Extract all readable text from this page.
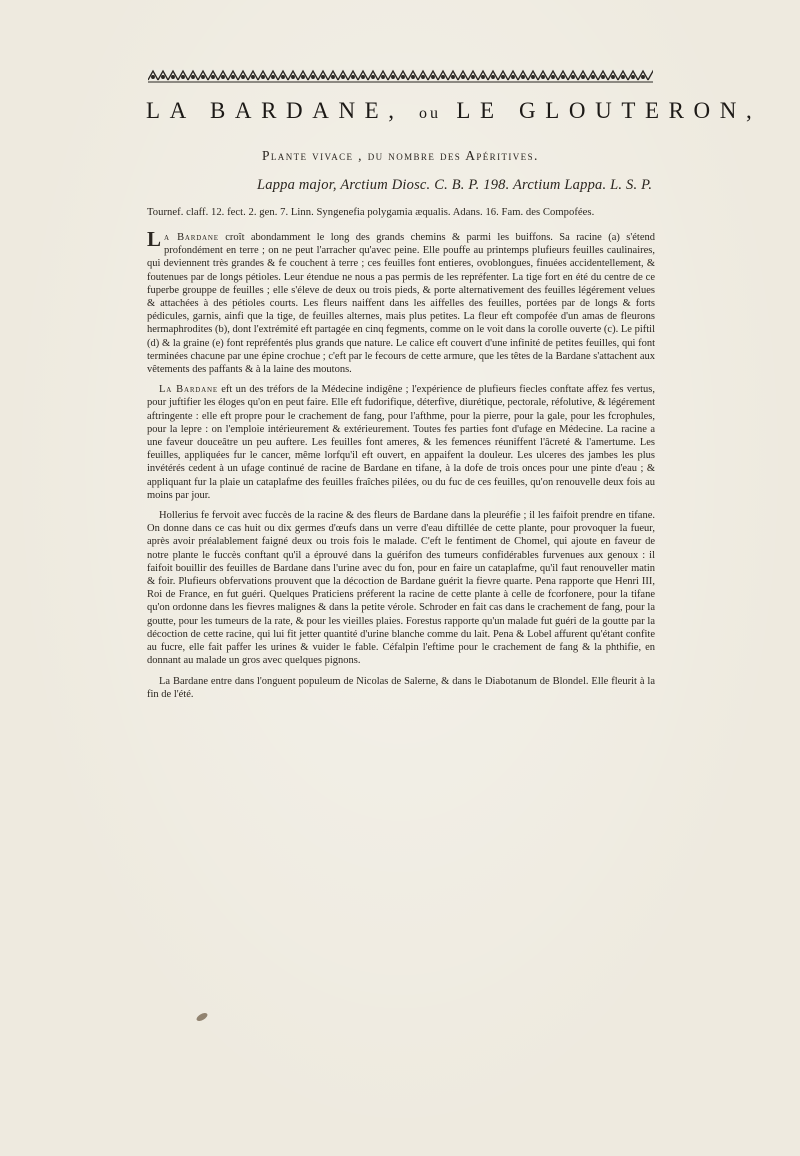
LA BARDANE, ou LE GLOUTERON,
Plante vivace , du nombre des Apéritives.
Lappa major, Arctium Diosc. C. B. P. 198. Arctium Lappa. L. S. P.
Tournef. claff. 12. fect. 2. gen. 7. Linn. Syngenefia polygamia æqualis. Adans. 16. Fam. des Compofées.

La Bardane croît abondamment le long des grands chemins & parmi les buiffons. Sa racine (a) s'étend profondément en terre ; on ne peut l'arracher qu'avec peine. Elle pouffe au printemps plufieurs feuilles caulinaires, qui deviennent très grandes & fe couchent à terre ; ces feuilles font entieres, ovoblongues, finuées accidentellement, & foutenues par de longs pétioles. Leur étendue ne nous a pas permis de les repréfenter. La tige fort en été du centre de ce fuperbe grouppe de feuilles ; elle s'éleve de deux ou trois pieds, & porte alternativement des feuilles légérement velues & attachées à des pétioles courts. Les fleurs naiffent dans les aiffelles des feuilles, portées par de longs & forts pédicules, garnis, ainfi que la tige, de feuilles alternes, mais plus petites. La fleur eft compofée d'un amas de fleurons hermaphrodites (b), dont l'extrémité eft partagée en cinq fegments, comme on le voit dans la corolle ouverte (c). Le piftil (d) & la graine (e) font repréfentés plus grands que nature. Le calice eft couvert d'une infinité de petites feuilles, qui font terminées chacune par une épine crochue ; c'eft par le fecours de cette armure, que les têtes de la Bardane s'attachent aux vêtements des paffants & à la laine des moutons.

La Bardane eft un des tréfors de la Médecine indigêne ; l'expérience de plufieurs fiecles conftate affez fes vertus, pour juftifier les éloges qu'on en peut faire. Elle eft fudorifique, déterfive, diurétique, pectorale, réfolutive, & légérement aftringente : elle eft propre pour le crachement de fang, pour l'afthme, pour la pierre, pour la gale, pour les fcrophules, pour la lepre : on l'emploie intérieurement & extérieurement. Toutes fes parties font d'ufage en Médecine. La racine a une faveur douceâtre un peu auftere. Les feuilles font ameres, & les femences réuniffent l'âcreté & l'amertume. Les feuilles, appliquées fur le cancer, même lorfqu'il eft ouvert, en appaifent la douleur. Les ulceres des jambes les plus invétérés cedent à un ufage continué de racine de Bardane en tifane, à la dofe de trois onces pour une pinte d'eau ; & appliquant fur la plaie un cataplafme des feuilles fraîches pilées, ou du fuc de ces feuilles, qu'on renouvelle deux fois au moins par jour.

Hollerius fe fervoit avec fuccès de la racine & des fleurs de Bardane dans la pleuréfie ; il les faifoit prendre en tifane. On donne dans ce cas huit ou dix germes d'œufs dans un verre d'eau diftillée de cette plante, pour provoquer la fueur, après avoir préalablement faigné deux ou trois fois le malade. C'eft le fentiment de Chomel, qui ajoute en faveur de notre plante le fuccès conftant qu'il a éprouvé dans la guérifon des tumeurs confidérables furvenues aux genoux : il faifoit bouillir des feuilles de Bardane dans l'urine avec du fon, pour en faire un cataplafme, qu'il faut renouveller matin & foir. Plufieurs obfervations prouvent que la décoction de Bardane guérit la fievre quarte. Pena rapporte que Henri III, Roi de France, en fut guéri. Quelques Praticiens préferent la racine de cette plante à celle de fcorfonere, pour la tifane qu'on ordonne dans les fievres malignes & dans la petite vérole. Schroder en fait cas dans le crachement de fang, pour la goutte, pour les tumeurs de la rate, & pour les vieilles plaies. Forestus rapporte qu'un malade fut guéri de la goutte par la décoction de cette racine, qui lui fit jetter quantité d'urine blanche comme du lait. Pena & Lobel affurent qu'étant confite au fucre, elle fait paffer les urines & vuider le fable. Céfalpin l'eftime pour le crachement de fang & la phthifie, en donnant au malade un gros avec quelques pignons.

La Bardane entre dans l'onguent populeum de Nicolas de Salerne, & dans le Diabotanum de Blondel. Elle fleurit à la fin de l'été.
